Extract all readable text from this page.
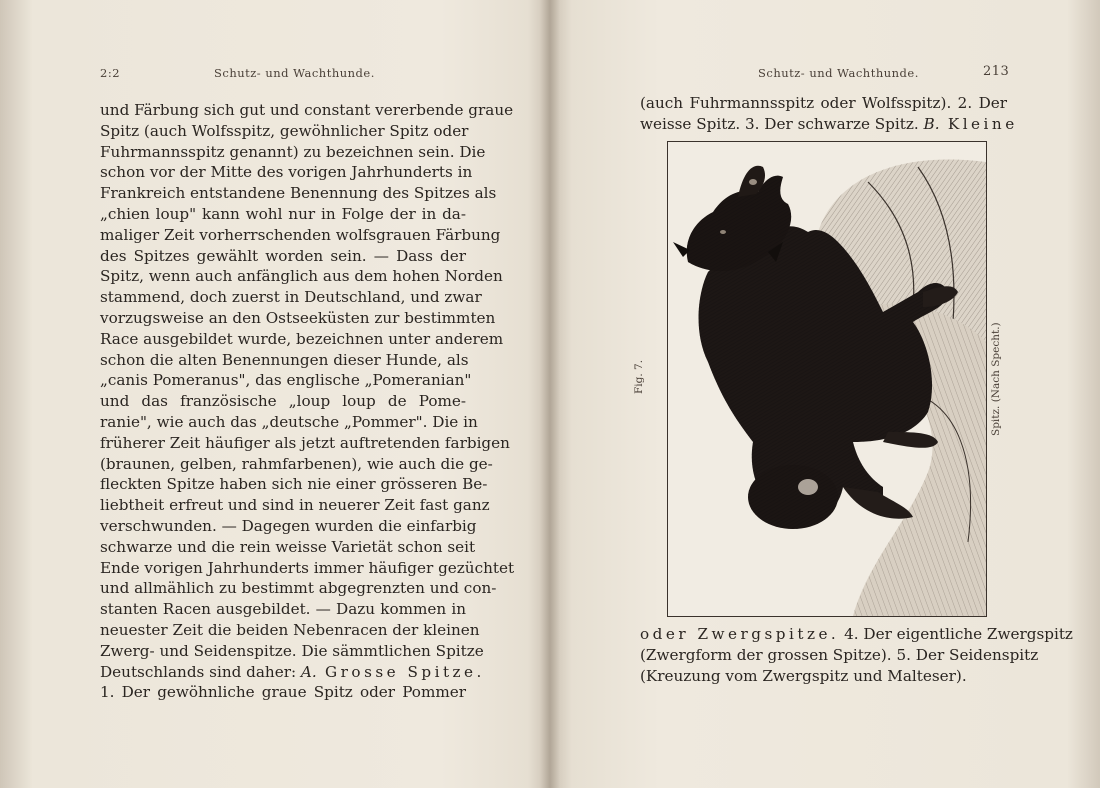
2:2	Schutz- und Wachthunde.
und Färbung sich gut und constant vererbende graue
Spitz (auch Wolfsspitz, gewöhnlicher Spitz oder
Fuhrmannsspitz genannt) zu bezeichnen sein. Die
schon vor der Mitte des vorigen Jahrhunderts in
Frankreich entstandene Benennung des Spitzes als
„chien loup" kann wohl nur in Folge der in da-
maliger Zeit vorherrschenden wolfsgrauen Färbung
des Spitzes gewählt worden sein. — Dass der
Spitz, wenn auch anfänglich aus dem hohen Norden
stammend, doch zuerst in Deutschland, und zwar
vorzugsweise an den Ostseeküsten zur bestimmten
Race ausgebildet wurde, bezeichnen unter anderem
schon die alten Benennungen dieser Hunde, als
„canis Pomeranus", das englische „Pomeranian"
und das französische „loup loup de Pome-
ranie", wie auch das „deutsche „Pommer". Die in
früherer Zeit häufiger als jetzt auftretenden farbigen
(braunen, gelben, rahmfarbenen), wie auch die ge-
fleckten Spitze haben sich nie einer grösseren Be-
liebtheit erfreut und sind in neuerer Zeit fast ganz
verschwunden. — Dagegen wurden die einfarbig
schwarze und die rein weisse Varietät schon seit
Ende vorigen Jahrhunderts immer häufiger gezüchtet
und allmählich zu bestimmt abgegrenzten und con-
stanten Racen ausgebildet. — Dazu kommen in
neuester Zeit die beiden Nebenracen der kleinen
Zwerg- und Seidenspitze. Die sämmtlichen Spitze
Deutschlands sind daher: A. Grosse Spitze.
1. Der gewöhnliche graue Spitz oder Pommer
Schutz- und Wachthunde.	213
(auch Fuhrmannsspitz oder Wolfsspitz). 2. Der
weisse Spitz. 3. Der schwarze Spitz. B. Kleine
Fig. 7.	Spitz. (Nach Specht.)
oder Zwergspitze. 4. Der eigentliche Zwergspitz
(Zwergform der grossen Spitze). 5. Der Seidenspitz
(Kreuzung vom Zwergspitz und Malteser).
